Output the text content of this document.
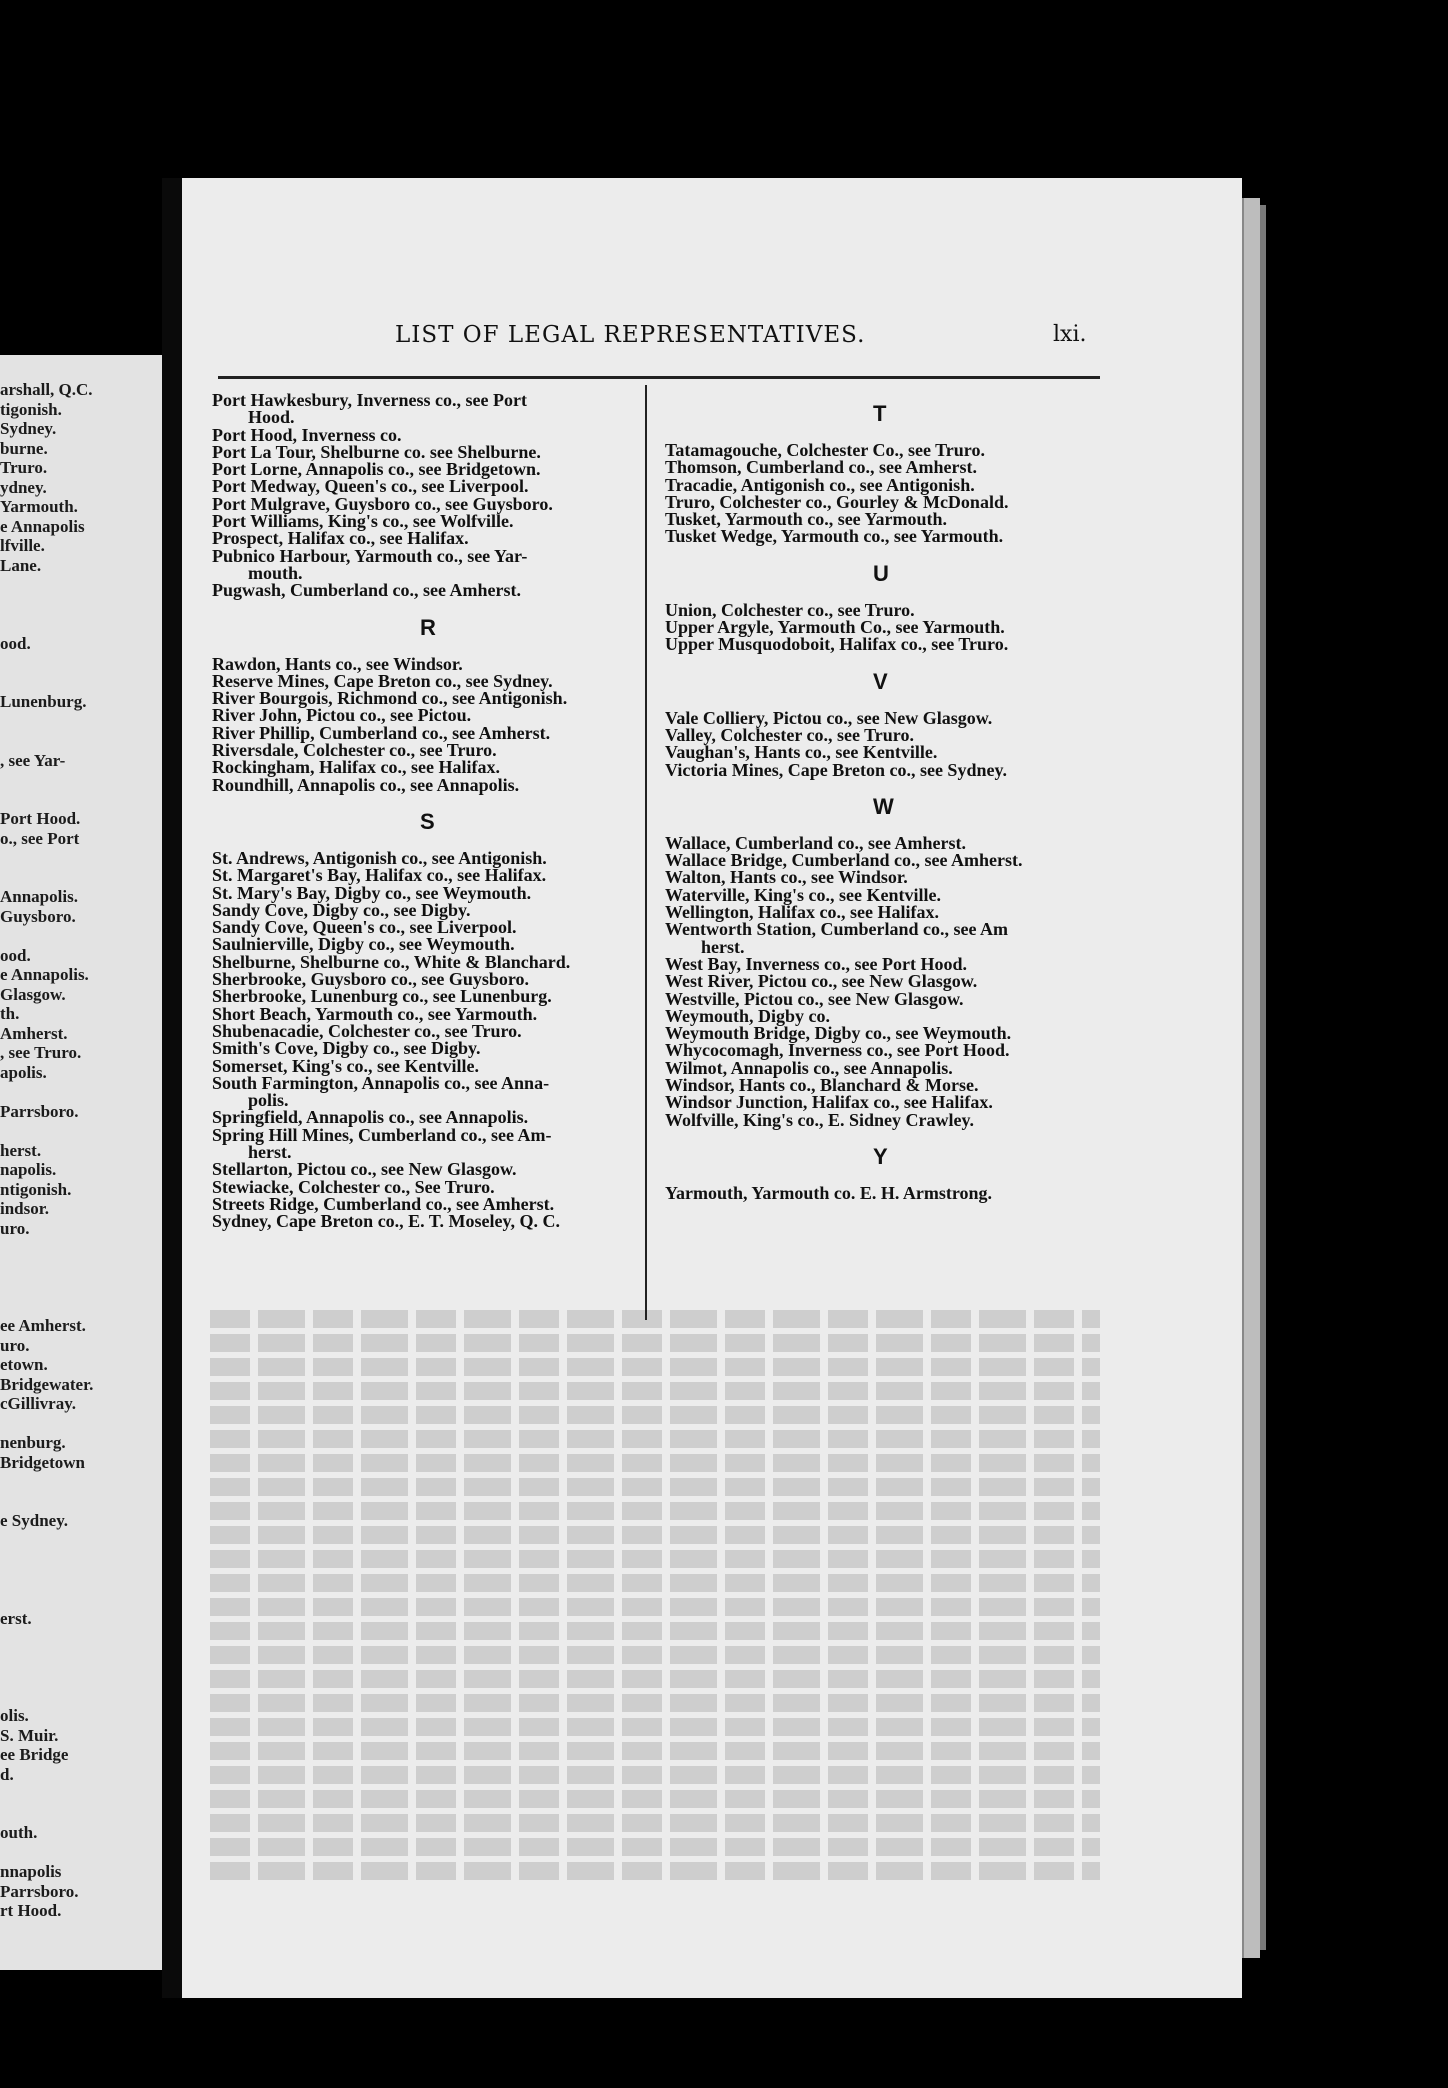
arshall, Q.C.
tigonish.
Sydney.
burne.
Truro.
ydney.
Yarmouth.
e Annapolis
lfville.
Lane.
ood.
Lunenburg.
, see Yar-
Port Hood.
o., see Port
Annapolis.
Guysboro.
ood.
e Annapolis.
Glasgow.
th.
Amherst.
, see Truro.
apolis.
Parrsboro.
herst.
napolis.
ntigonish.
indsor.
uro.
ee Amherst.
uro.
etown.
Bridgewater.
cGillivray.
nenburg.
Bridgetown
e Sydney.
erst.
olis.
S. Muir.
ee Bridge
d.
outh.
nnapolis
Parrsboro.
rt Hood.
LIST OF LEGAL REPRESENTATIVES.	lxi.
Port Hawkesbury, Inverness co., see Port
Hood.
Port Hood, Inverness co.
Port La Tour, Shelburne co. see Shelburne.
Port Lorne, Annapolis co., see Bridgetown.
Port Medway, Queen's co., see Liverpool.
Port Mulgrave, Guysboro co., see Guysboro.
Port Williams, King's co., see Wolfville.
Prospect, Halifax co., see Halifax.
Pubnico Harbour, Yarmouth co., see Yar-
mouth.
Pugwash, Cumberland co., see Amherst.
R
Rawdon, Hants co., see Windsor.
Reserve Mines, Cape Breton co., see Sydney.
River Bourgois, Richmond co., see Antigonish.
River John, Pictou co., see Pictou.
River Phillip, Cumberland co., see Amherst.
Riversdale, Colchester co., see Truro.
Rockingham, Halifax co., see Halifax.
Roundhill, Annapolis co., see Annapolis.
S
St. Andrews, Antigonish co., see Antigonish.
St. Margaret's Bay, Halifax co., see Halifax.
St. Mary's Bay, Digby co., see Weymouth.
Sandy Cove, Digby co., see Digby.
Sandy Cove, Queen's co., see Liverpool.
Saulnierville, Digby co., see Weymouth.
Shelburne, Shelburne co., White & Blanchard.
Sherbrooke, Guysboro co., see Guysboro.
Sherbrooke, Lunenburg co., see Lunenburg.
Short Beach, Yarmouth co., see Yarmouth.
Shubenacadie, Colchester co., see Truro.
Smith's Cove, Digby co., see Digby.
Somerset, King's co., see Kentville.
South Farmington, Annapolis co., see Anna-
polis.
Springfield, Annapolis co., see Annapolis.
Spring Hill Mines, Cumberland co., see Am-
herst.
Stellarton, Pictou co., see New Glasgow.
Stewiacke, Colchester co., See Truro.
Streets Ridge, Cumberland co., see Amherst.
Sydney, Cape Breton co., E. T. Moseley, Q. C.
T
Tatamagouche, Colchester Co., see Truro.
Thomson, Cumberland co., see Amherst.
Tracadie, Antigonish co., see Antigonish.
Truro, Colchester co., Gourley & McDonald.
Tusket, Yarmouth co., see Yarmouth.
Tusket Wedge, Yarmouth co., see Yarmouth.
U
Union, Colchester co., see Truro.
Upper Argyle, Yarmouth Co., see Yarmouth.
Upper Musquodoboit, Halifax co., see Truro.
V
Vale Colliery, Pictou co., see New Glasgow.
Valley, Colchester co., see Truro.
Vaughan's, Hants co., see Kentville.
Victoria Mines, Cape Breton co., see Sydney.
W
Wallace, Cumberland co., see Amherst.
Wallace Bridge, Cumberland co., see Amherst.
Walton, Hants co., see Windsor.
Waterville, King's co., see Kentville.
Wellington, Halifax co., see Halifax.
Wentworth Station, Cumberland co., see Am
herst.
West Bay, Inverness co., see Port Hood.
West River, Pictou co., see New Glasgow.
Westville, Pictou co., see New Glasgow.
Weymouth, Digby co.
Weymouth Bridge, Digby co., see Weymouth.
Whycocomagh, Inverness co., see Port Hood.
Wilmot, Annapolis co., see Annapolis.
Windsor, Hants co., Blanchard & Morse.
Windsor Junction, Halifax co., see Halifax.
Wolfville, King's co., E. Sidney Crawley.
Y
Yarmouth, Yarmouth co. E. H. Armstrong.
